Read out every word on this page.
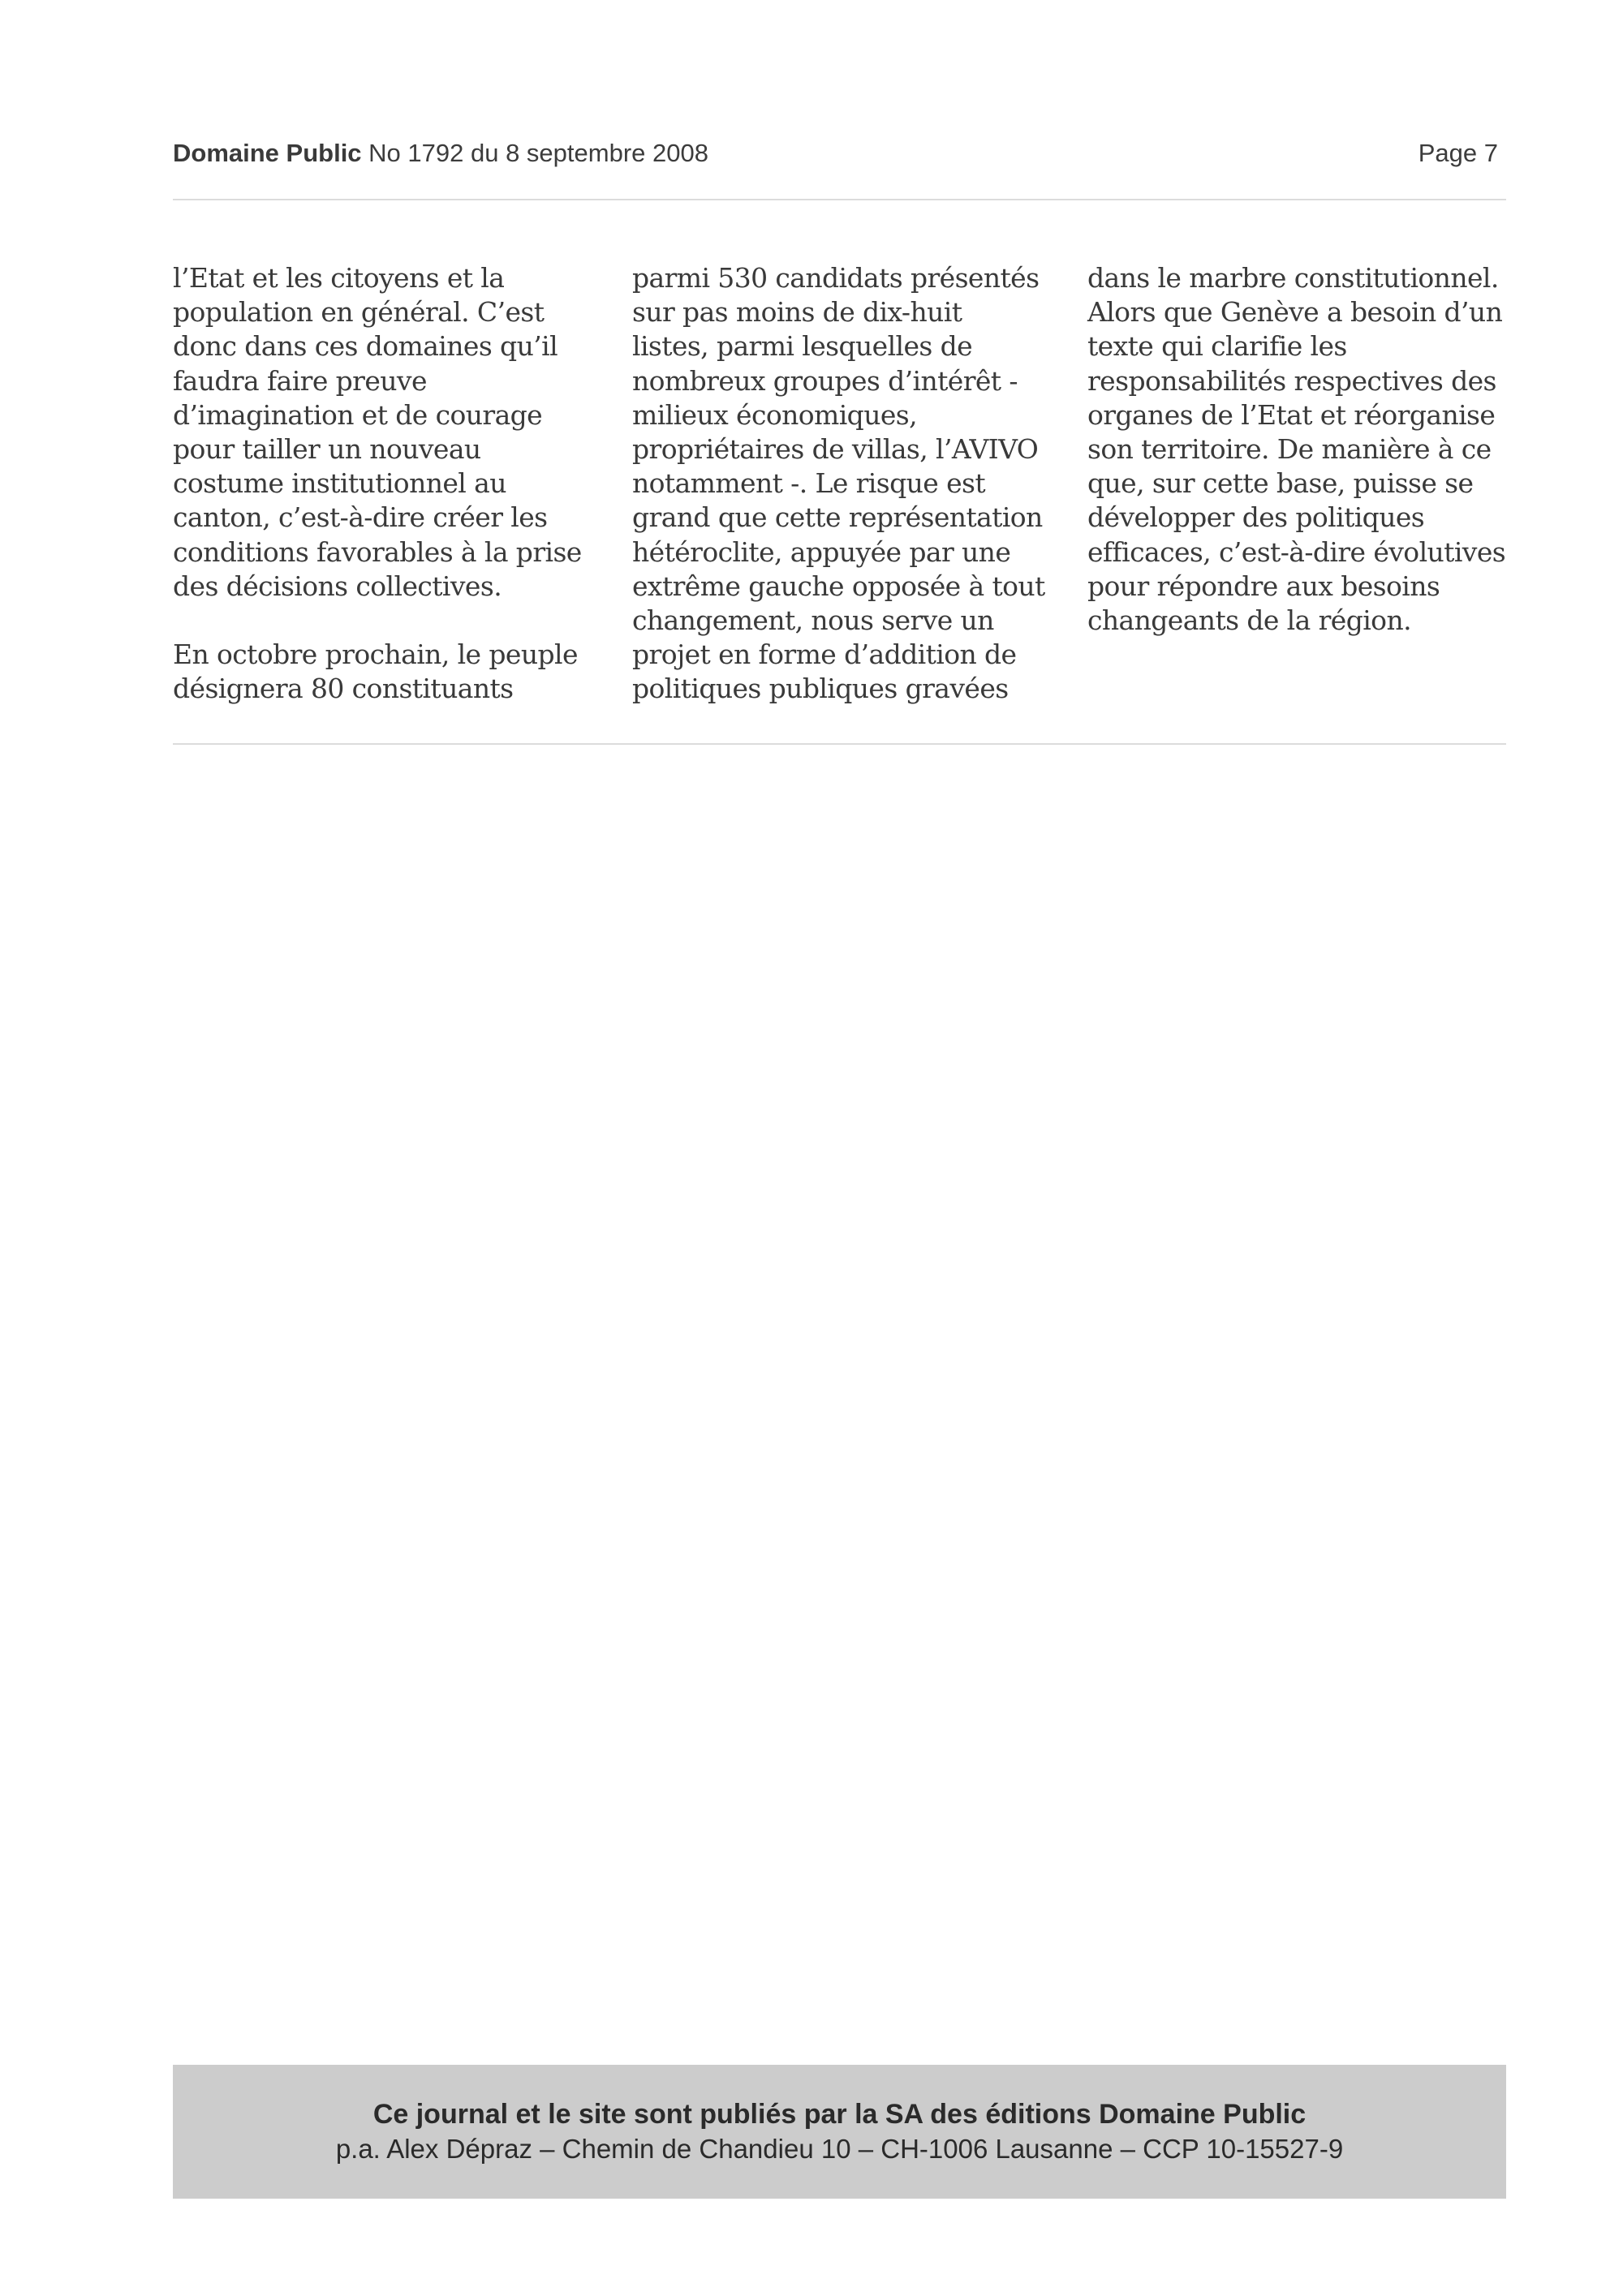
Domaine Public No 1792 du 8 septembre 2008	Page 7

l’Etat et les citoyens et la
population en général. C’est
donc dans ces domaines qu’il
faudra faire preuve
d’imagination et de courage
pour tailler un nouveau
costume institutionnel au
canton, c’est-à-dire créer les
conditions favorables à la prise
des décisions collectives.

En octobre prochain, le peuple
désignera 80 constituants

parmi 530 candidats présentés
sur pas moins de dix-huit
listes, parmi lesquelles de
nombreux groupes d’intérêt -
milieux économiques,
propriétaires de villas, l’AVIVO
notamment -. Le risque est
grand que cette représentation
hétéroclite, appuyée par une
extrême gauche opposée à tout
changement, nous serve un
projet en forme d’addition de
politiques publiques gravées

dans le marbre constitutionnel.
Alors que Genève a besoin d’un
texte qui clarifie les
responsabilités respectives des
organes de l’Etat et réorganise
son territoire. De manière à ce
que, sur cette base, puisse se
développer des politiques
efficaces, c’est-à-dire évolutives
pour répondre aux besoins
changeants de la région.

Ce journal et le site sont publiés par la SA des éditions Domaine Public
p.a. Alex Dépraz – Chemin de Chandieu 10 – CH-1006 Lausanne – CCP 10-15527-9
